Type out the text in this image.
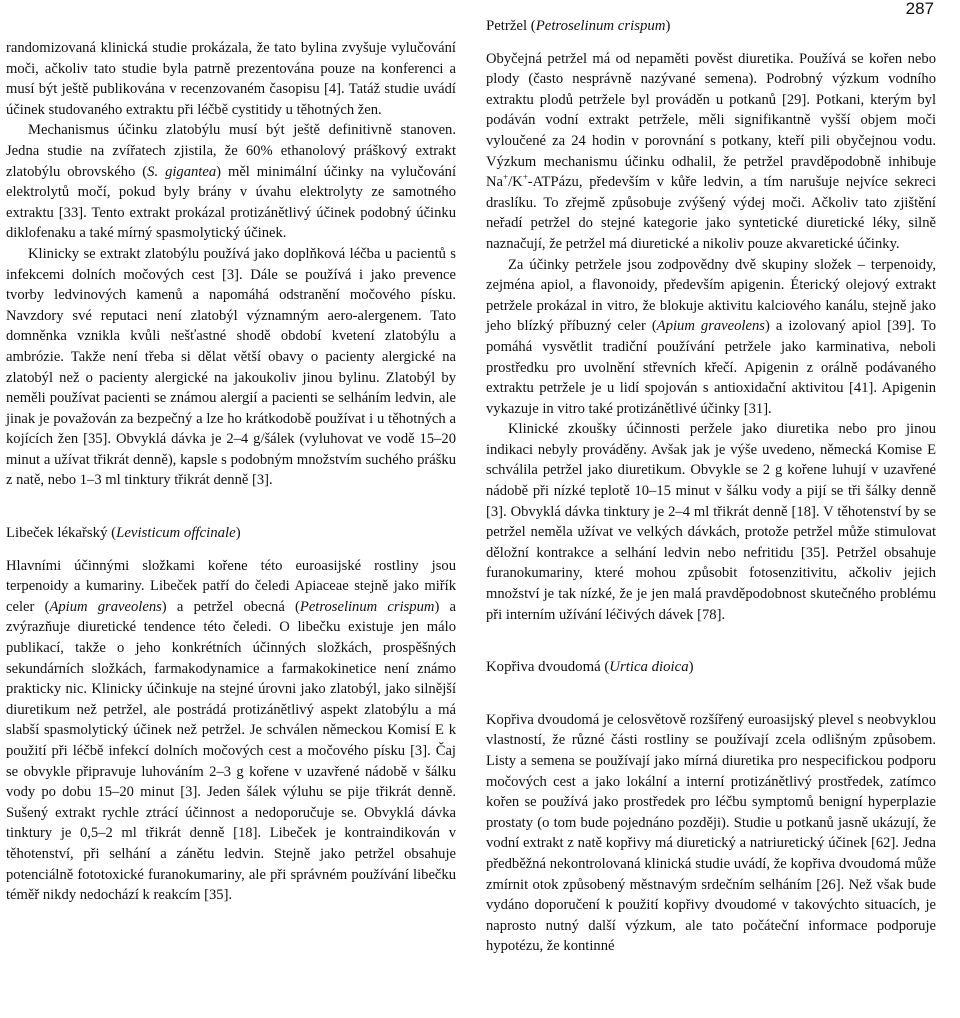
287

randomizovaná klinická studie prokázala, že tato bylina zvyšuje vylučování moči, ačkoliv tato studie byla patrně prezentována pouze na konferenci a musí být ještě publikována v recenzovaném časopisu [4]. Tatáž studie uvádí účinek studovaného extraktu při léčbě cystitidy u těhotných žen.

Mechanismus účinku zlatobýlu musí být ještě definitivně stanoven. Jedna studie na zvířatech zjistila, že 60% ethanolový práškový extrakt zlatobýlu obrovského (S. gigantea) měl minimální účinky na vylučování elektrolytů močí, pokud byly brány v úvahu elektrolyty ze samotného extraktu [33]. Tento extrakt prokázal protizánětlivý účinek podobný účinku diklofenaku a také mírný spasmolytický účinek.

Klinicky se extrakt zlatobýlu používá jako doplňková léčba u pacientů s infekcemi dolních močových cest [3]. Dále se používá i jako prevence tvorby ledvinových kamenů a napomáhá odstranění močového písku. Navzdory své reputaci není zlatobýl významným aero-alergenem. Tato domněnka vznikla kvůli nešťastné shodě období kvetení zlatobýlu a ambrózie. Takže není třeba si dělat větší obavy o pacienty alergické na zlatobýl než o pacienty alergické na jakoukoliv jinou bylinu. Zlatobýl by neměli používat pacienti se známou alergií a pacienti se selháním ledvin, ale jinak je považován za bezpečný a lze ho krátkodobě používat i u těhotných a kojících žen [35]. Obvyklá dávka je 2–4 g/šálek (vyluhovat ve vodě 15–20 minut a užívat třikrát denně), kapsle s podobným množstvím suchého prášku z natě, nebo 1–3 ml tinktury třikrát denně [3].

Libeček lékařský (Levisticum offcinale)

Hlavními účinnými složkami kořene této euroasijské rostliny jsou terpenoidy a kumariny. Libeček patří do čeledi Apiaceae stejně jako miřík celer (Apium graveolens) a petržel obecná (Petroselinum crispum) a zvýrazňuje diuretické tendence této čeledi. O libečku existuje jen málo publikací, takže o jeho konkrétních účinných složkách, prospěšných sekundárních složkách, farmakodynamice a farmakokinetice není známo prakticky nic. Klinicky účinkuje na stejné úrovni jako zlatobýl, jako silnější diuretikum než petržel, ale postrádá protizánětlivý aspekt zlatobýlu a má slabší spasmolytický účinek než petržel. Je schválen německou Komisí E k použití při léčbě infekcí dolních močových cest a močového písku [3]. Čaj se obvykle připravuje luhováním 2–3 g kořene v uzavřené nádobě v šálku vody po dobu 15–20 minut [3]. Jeden šálek výluhu se pije třikrát denně. Sušený extrakt rychle ztrácí účinnost a nedoporučuje se. Obvyklá dávka tinktury je 0,5–2 ml třikrát denně [18]. Libeček je kontraindikován v těhotenství, při selhání a zánětu ledvin. Stejně jako petržel obsahuje potenciálně fototoxické furanokumariny, ale při správném používání libečku téměř nikdy nedochází k reakcím [35].

Petržel (Petroselinum crispum)

Obyčejná petržel má od nepaměti pověst diuretika. Používá se kořen nebo plody (často nesprávně nazývané semena). Podrobný výzkum vodního extraktu plodů petržele byl prováděn u potkanů [29]. Potkani, kterým byl podáván vodní extrakt petržele, měli signifikantně vyšší objem moči vyloučené za 24 hodin v porovnání s potkany, kteří pili obyčejnou vodu. Výzkum mechanismu účinku odhalil, že petržel pravděpodobně inhibuje Na+/K+-ATPázu, především v kůře ledvin, a tím narušuje nejvíce sekreci draslíku. To zřejmě způsobuje zvýšený výdej moči. Ačkoliv tato zjištění neřadí petržel do stejné kategorie jako syntetické diuretické léky, silně naznačují, že petržel má diuretické a nikoliv pouze akvaretické účinky.

Za účinky petržele jsou zodpovědny dvě skupiny složek – terpenoidy, zejména apiol, a flavonoidy, především apigenin. Éterický olejový extrakt petržele prokázal in vitro, že blokuje aktivitu kalciového kanálu, stejně jako jeho blízký příbuzný celer (Apium graveolens) a izolovaný apiol [39]. To pomáhá vysvětlit tradiční používání petržele jako karminativa, neboli prostředku pro uvolnění střevních křečí. Apigenin z orálně podávaného extraktu petržele je u lidí spojován s antioxidační aktivitou [41]. Apigenin vykazuje in vitro také protizánětlivé účinky [31].

Klinické zkoušky účinnosti peržele jako diuretika nebo pro jinou indikaci nebyly prováděny. Avšak jak je výše uvedeno, německá Komise E schválila petržel jako diuretikum. Obvykle se 2 g kořene luhují v uzavřené nádobě při nízké teplotě 10–15 minut v šálku vody a pijí se tři šálky denně [3]. Obvyklá dávka tinktury je 2–4 ml třikrát denně [18]. V těhotenství by se petržel neměla užívat ve velkých dávkách, protože petržel může stimulovat děložní kontrakce a selhání ledvin nebo nefritidu [35]. Petržel obsahuje furanokumariny, které mohou způsobit fotosenzitivitu, ačkoliv jejich množství je tak nízké, že je jen malá pravděpodobnost skutečného problému při interním užívání léčivých dávek [78].

Kopřiva dvoudomá (Urtica dioica)

Kopřiva dvoudomá je celosvětově rozšířený euroasijský plevel s neobvyklou vlastností, že různé části rostliny se používají zcela odlišným způsobem. Listy a semena se používají jako mírná diuretika pro nespecifickou podporu močových cest a jako lokální a interní protizánětlivý prostředek, zatímco kořen se používá jako prostředek pro léčbu symptomů benigní hyperplazie prostaty (o tom bude pojednáno později). Studie u potkanů jasně ukázují, že vodní extrakt z natě kopřivy má diuretický a natriuretický účinek [62]. Jedna předběžná nekontrolovaná klinická studie uvádí, že kopřiva dvoudomá může zmírnit otok způsobený městnavým srdečním selháním [26]. Než však bude vydáno doporučení k použití kopřivy dvoudomé v takovýchto situacích, je naprosto nutný další výzkum, ale tato počáteční informace podporuje hypotézu, že kontinné
